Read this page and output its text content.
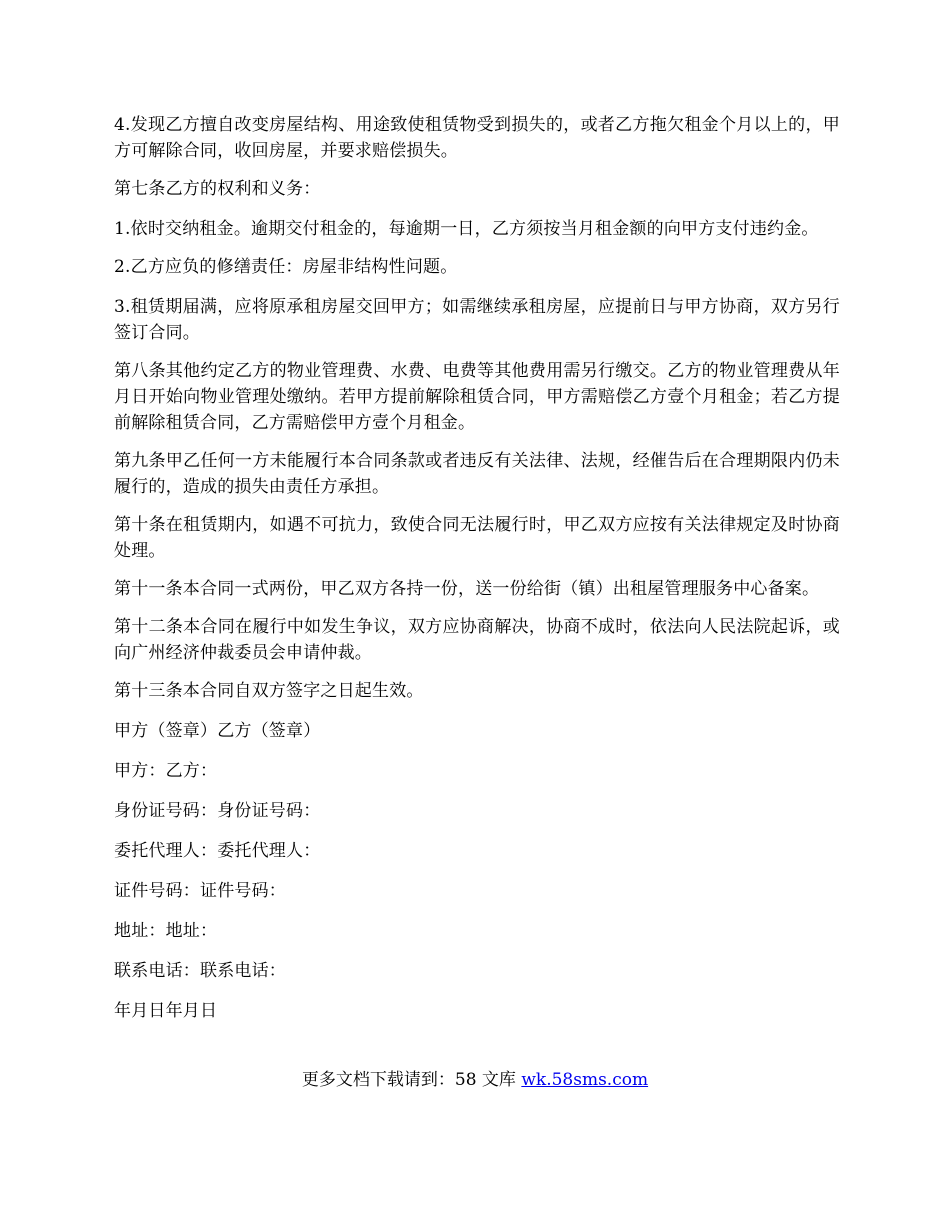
4.发现乙方擅自改变房屋结构、用途致使租赁物受到损失的，或者乙方拖欠租金个月以上的，甲方可解除合同，收回房屋，并要求赔偿损失。

第七条乙方的权利和义务：

1.依时交纳租金。逾期交付租金的，每逾期一日，乙方须按当月租金额的向甲方支付违约金。

2.乙方应负的修缮责任：房屋非结构性问题。

3.租赁期届满，应将原承租房屋交回甲方；如需继续承租房屋，应提前日与甲方协商，双方另行签订合同。

第八条其他约定乙方的物业管理费、水费、电费等其他费用需另行缴交。乙方的物业管理费从年月日开始向物业管理处缴纳。若甲方提前解除租赁合同，甲方需赔偿乙方壹个月租金；若乙方提前解除租赁合同，乙方需赔偿甲方壹个月租金。

第九条甲乙任何一方未能履行本合同条款或者违反有关法律、法规，经催告后在合理期限内仍未履行的，造成的损失由责任方承担。

第十条在租赁期内，如遇不可抗力，致使合同无法履行时，甲乙双方应按有关法律规定及时协商处理。

第十一条本合同一式两份，甲乙双方各持一份，送一份给街（镇）出租屋管理服务中心备案。

第十二条本合同在履行中如发生争议，双方应协商解决，协商不成时，依法向人民法院起诉，或向广州经济仲裁委员会申请仲裁。

第十三条本合同自双方签字之日起生效。

甲方（签章）乙方（签章）

甲方：乙方：

身份证号码：身份证号码：

委托代理人：委托代理人：

证件号码：证件号码：

地址：地址：

联系电话：联系电话：

年月日年月日

更多文档下载请到：58 文库 wk.58sms.com
